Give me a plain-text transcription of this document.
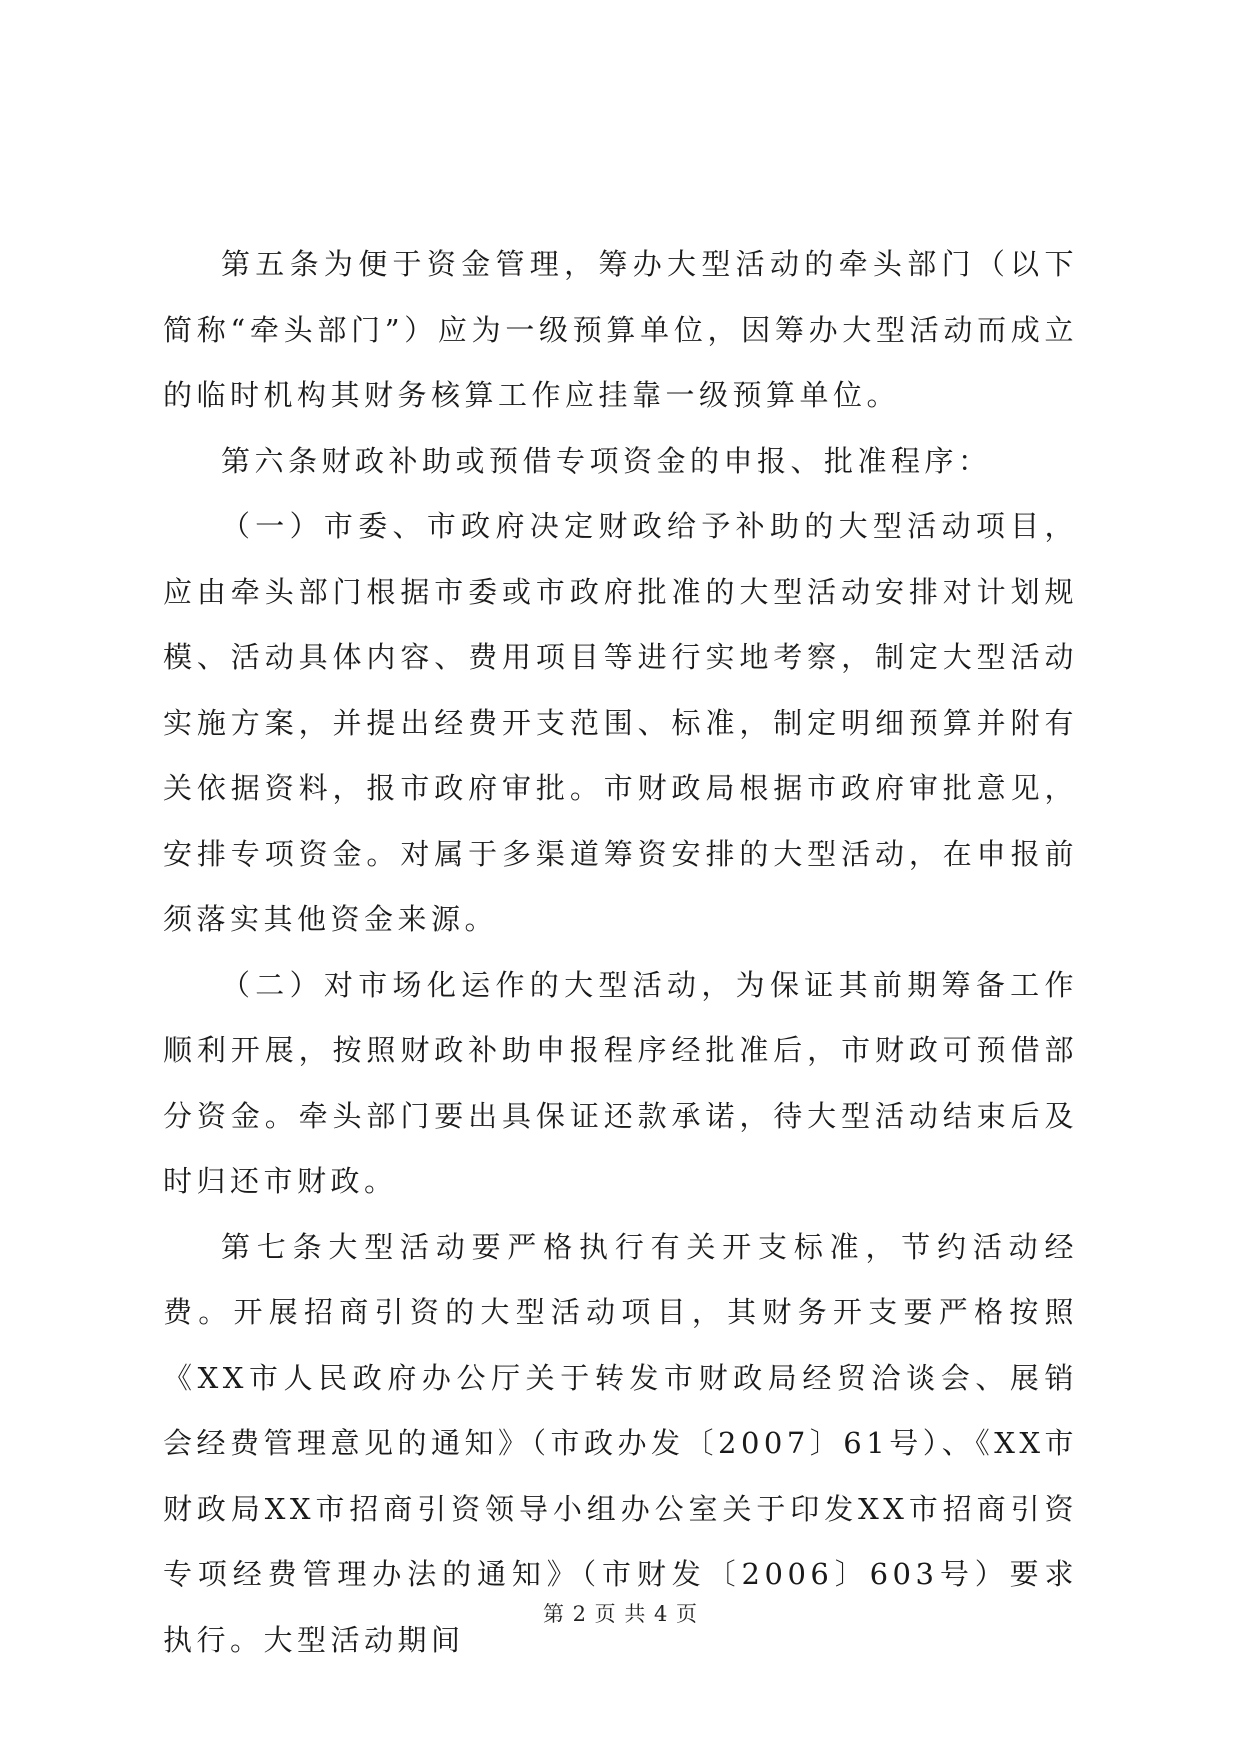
第五条为便于资金管理，筹办大型活动的牵头部门（以下简称“牵头部门”）应为一级预算单位，因筹办大型活动而成立的临时机构其财务核算工作应挂靠一级预算单位。

第六条财政补助或预借专项资金的申报、批准程序：

（一）市委、市政府决定财政给予补助的大型活动项目，应由牵头部门根据市委或市政府批准的大型活动安排对计划规模、活动具体内容、费用项目等进行实地考察，制定大型活动实施方案，并提出经费开支范围、标准，制定明细预算并附有关依据资料，报市政府审批。市财政局根据市政府审批意见，安排专项资金。对属于多渠道筹资安排的大型活动，在申报前须落实其他资金来源。

（二）对市场化运作的大型活动，为保证其前期筹备工作顺利开展，按照财政补助申报程序经批准后，市财政可预借部分资金。牵头部门要出具保证还款承诺，待大型活动结束后及时归还市财政。

第七条大型活动要严格执行有关开支标准，节约活动经费。开展招商引资的大型活动项目，其财务开支要严格按照《XX市人民政府办公厅关于转发市财政局经贸洽谈会、展销会经费管理意见的通知》（市政办发〔2007〕61号）、《XX市财政局XX市招商引资领导小组办公室关于印发XX市招商引资专项经费管理办法的通知》（市财发〔2006〕603号）要求执行。大型活动期间

第 2 页 共 4 页
